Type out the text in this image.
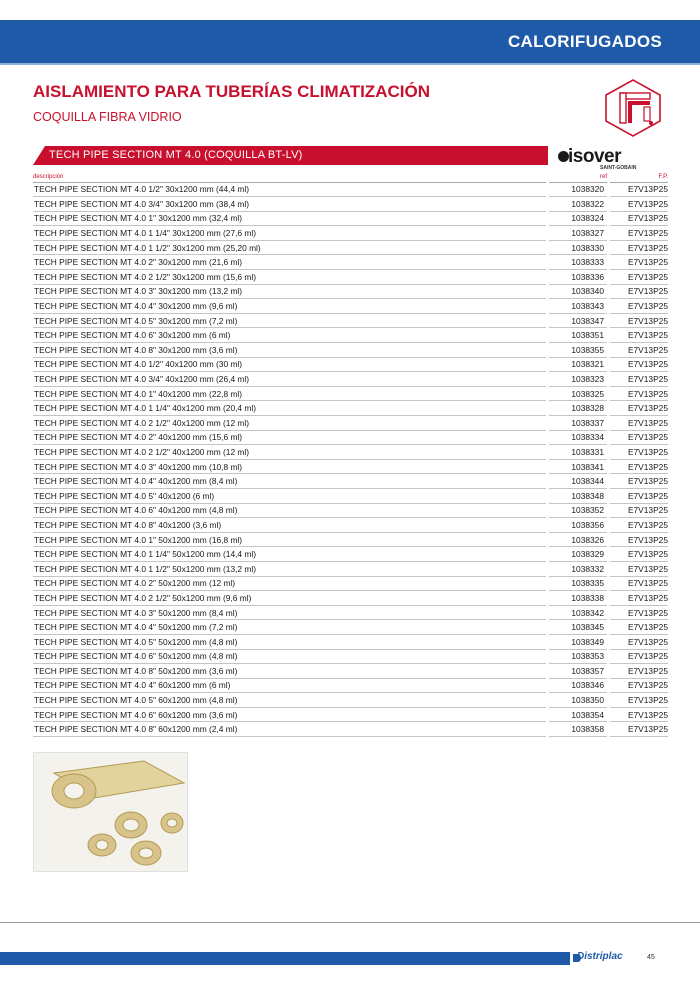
CALORIFUGADOS
AISLAMIENTO PARA TUBERÍAS CLIMATIZACIÓN
COQUILLA FIBRA VIDRIO
TECH PIPE SECTION MT 4.0 (COQUILLA BT-LV)	isover
SAINT-GOBAIN
descripción		ref		F.P.
TECH PIPE SECTION MT 4.0 1/2" 30x1200 mm (44,4 ml)		1038320		E7V13P25
TECH PIPE SECTION MT 4.0 3/4" 30x1200 mm (38,4 ml)		1038322		E7V13P25
TECH PIPE SECTION MT 4.0 1" 30x1200 mm (32,4 ml)		1038324		E7V13P25
TECH PIPE SECTION MT 4.0 1 1/4" 30x1200 mm (27,6 ml)		1038327		E7V13P25
TECH PIPE SECTION MT 4.0 1 1/2" 30x1200 mm (25,20 ml)		1038330		E7V13P25
TECH PIPE SECTION MT 4.0 2" 30x1200 mm (21,6 ml)		1038333		E7V13P25
TECH PIPE SECTION MT 4.0 2 1/2" 30x1200 mm (15,6 ml)		1038336		E7V13P25
TECH PIPE SECTION MT 4.0 3" 30x1200 mm (13,2 ml)		1038340		E7V13P25
TECH PIPE SECTION MT 4.0 4" 30x1200 mm (9,6 ml)		1038343		E7V13P25
TECH PIPE SECTION MT 4.0 5" 30x1200 mm (7,2 ml)		1038347		E7V13P25
TECH PIPE SECTION MT 4.0 6" 30x1200 mm (6 ml)		1038351		E7V13P25
TECH PIPE SECTION MT 4.0 8" 30x1200 mm (3,6 ml)		1038355		E7V13P25
TECH PIPE SECTION MT 4.0 1/2" 40x1200 mm (30 ml)		1038321		E7V13P25
TECH PIPE SECTION MT 4.0 3/4" 40x1200 mm (26,4 ml)		1038323		E7V13P25
TECH PIPE SECTION MT 4.0 1" 40x1200 mm (22,8 ml)		1038325		E7V13P25
TECH PIPE SECTION MT 4.0 1 1/4" 40x1200 mm (20,4 ml)		1038328		E7V13P25
TECH PIPE SECTION MT 4.0 2 1/2" 40x1200 mm (12 ml)		1038337		E7V13P25
TECH PIPE SECTION MT 4.0 2" 40x1200 mm (15,6 ml)		1038334		E7V13P25
TECH PIPE SECTION MT 4.0 2 1/2" 40x1200 mm (12 ml)		1038331		E7V13P25
TECH PIPE SECTION MT 4.0 3" 40x1200 mm (10,8 ml)		1038341		E7V13P25
TECH PIPE SECTION MT 4.0 4" 40x1200 mm (8,4 ml)		1038344		E7V13P25
TECH PIPE SECTION MT 4.0 5" 40x1200 (6 ml)		1038348		E7V13P25
TECH PIPE SECTION MT 4.0 6" 40x1200 mm (4,8 ml)		1038352		E7V13P25
TECH PIPE SECTION MT 4.0 8" 40x1200 (3,6 ml)		1038356		E7V13P25
TECH PIPE SECTION MT 4.0 1" 50x1200 mm (16,8 ml)		1038326		E7V13P25
TECH PIPE SECTION MT 4.0 1 1/4" 50x1200 mm (14,4 ml)		1038329		E7V13P25
TECH PIPE SECTION MT 4.0 1 1/2" 50x1200 mm (13,2 ml)		1038332		E7V13P25
TECH PIPE SECTION MT 4.0 2" 50x1200 mm (12 ml)		1038335		E7V13P25
TECH PIPE SECTION MT 4.0 2 1/2" 50x1200 mm (9,6 ml)		1038338		E7V13P25
TECH PIPE SECTION MT 4.0 3" 50x1200 mm (8,4 ml)		1038342		E7V13P25
TECH PIPE SECTION MT 4.0 4" 50x1200 mm (7,2 ml)		1038345		E7V13P25
TECH PIPE SECTION MT 4.0 5" 50x1200 mm (4,8 ml)		1038349		E7V13P25
TECH PIPE SECTION MT 4.0 6" 50x1200 mm (4,8 ml)		1038353		E7V13P25
TECH PIPE SECTION MT 4.0 8" 50x1200 mm (3,6 ml)		1038357		E7V13P25
TECH PIPE SECTION MT 4.0 4" 60x1200 mm (6 ml)		1038346		E7V13P25
TECH PIPE SECTION MT 4.0 5" 60x1200 mm (4,8 ml)		1038350		E7V13P25
TECH PIPE SECTION MT 4.0 6" 60x1200 mm (3,6 ml)		1038354		E7V13P25
TECH PIPE SECTION MT 4.0 8" 60x1200 mm (2,4 ml)		1038358		E7V13P25
Distriplac	45
